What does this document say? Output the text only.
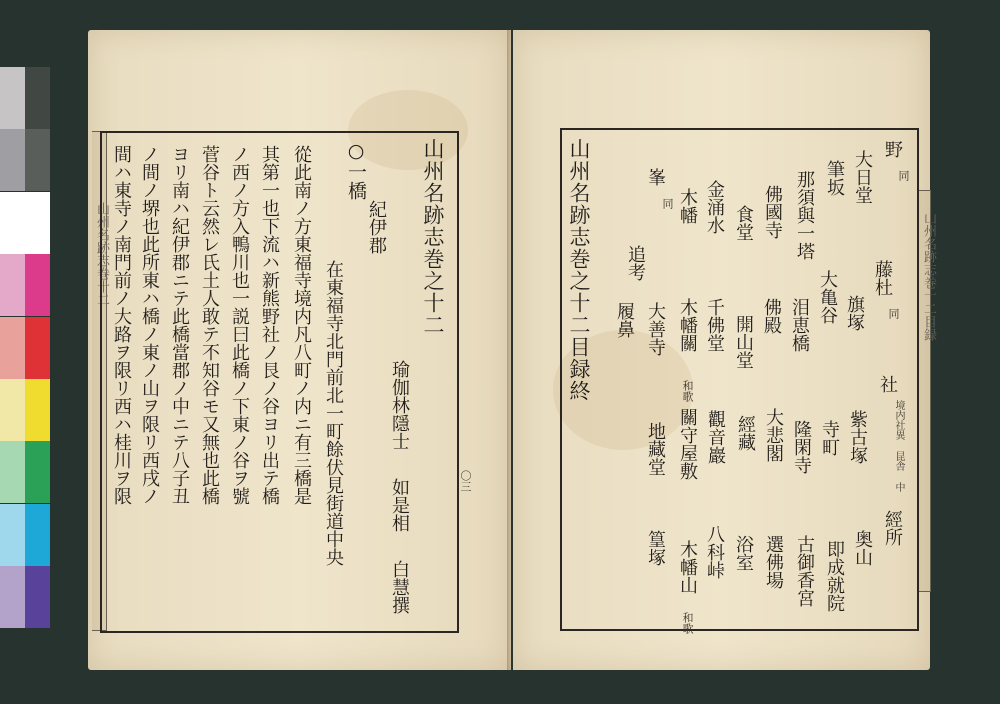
山州名跡志巻十二	山州名跡志巻之十二
瑜伽林隱士
如是相
白慧撰
紀伊郡
○一橋
在東福寺北門前北一町餘伏見街道中央
從此南ノ方東福寺境内凡八町ノ内ニ有三橋是
其第一也下流ハ新熊野社ノ艮ノ谷ヨリ出テ橋
ノ西ノ方入鴨川也一説曰此橋ノ下東ノ谷ヲ號
菅谷ト云然レ氏土人敢テ不知谷モ又無也此橋
ヨリ南ハ紀伊郡ニテ此橋當郡ノ中ニテ八子丑
ノ間ノ堺也此所東ハ橋ノ東ノ山ヲ限リ西戌ノ
間ハ東寺ノ南門前ノ大路ヲ限リ西ハ桂川ヲ限	〇三
山州名跡志巻十二目録
野
同
藤杜
同
社
境内社異 昆舎 中
大日堂
旗塚
紫古塚
筆坂
大亀谷
寺町
那須與一塔
泪恵橋
隆閑寺
佛國寺
佛殿
大悲閣
食堂
開山堂
經藏
金涌水
千佛堂
觀音巖
木幡
木幡關
和歌
關守屋敷
峯
同
大善寺
地藏堂
追考
履鼻
經所
奥山
即成就院
古御香宮
選佛場
浴室
八科峠
木幡山
和歌
篁塚
山州名跡志巻之十二目録終
